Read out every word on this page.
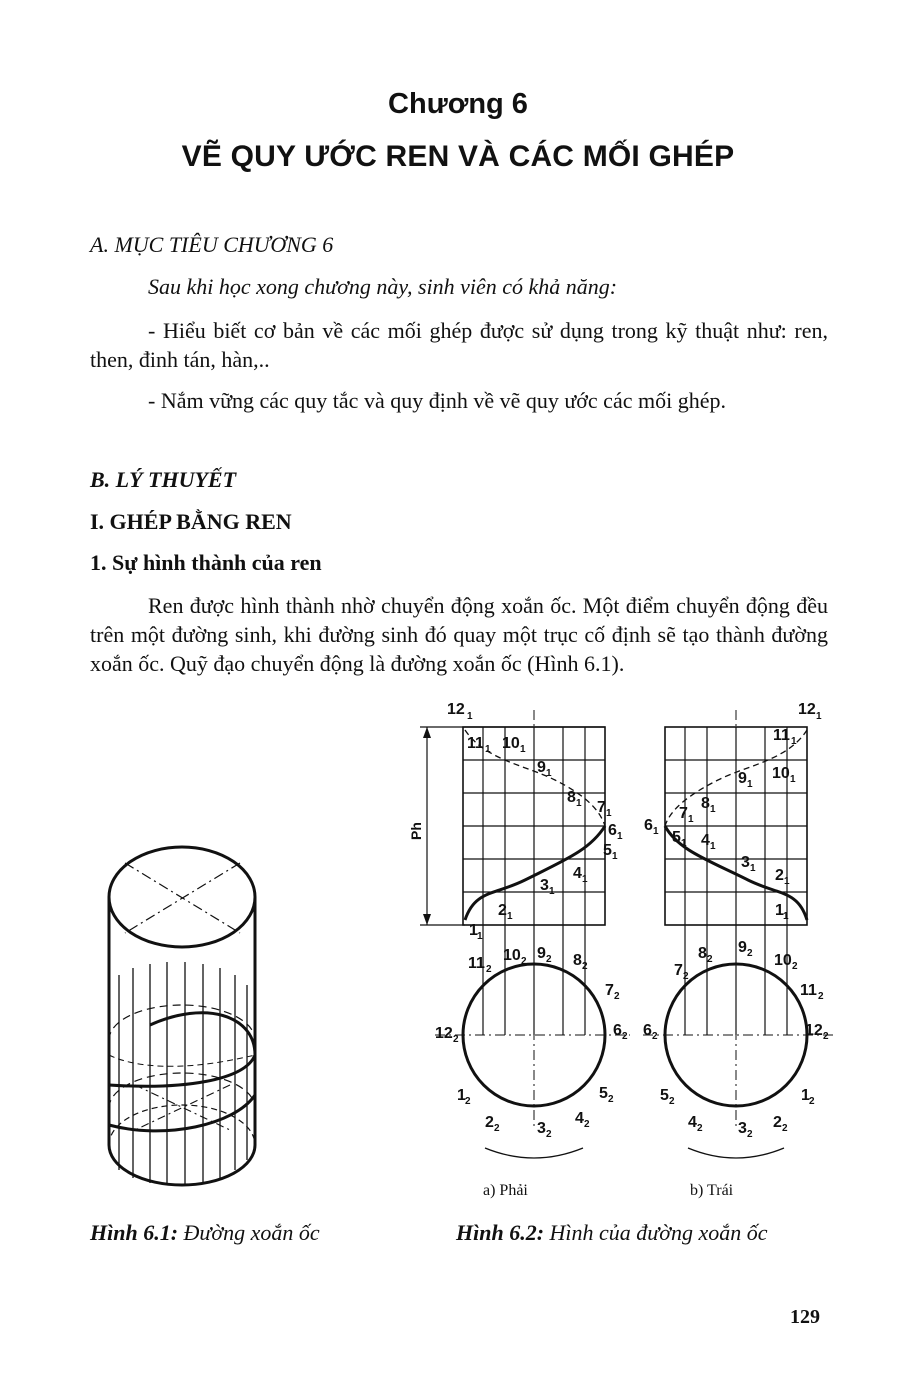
Chương 6
VẼ QUY ƯỚC REN VÀ CÁC MỐI GHÉP
A. MỤC TIÊU CHƯƠNG 6
Sau khi học xong chương này, sinh viên có khả năng:
- Hiểu biết cơ bản về các mối ghép được sử dụng trong kỹ thuật như: ren, then, đinh tán, hàn,..
- Nắm vững các quy tắc và quy định về vẽ quy ước các mối ghép.
B. LÝ THUYẾT
I. GHÉP BẰNG REN
1. Sự hình thành của ren
Ren được hình thành nhờ chuyển động xoắn ốc. Một điểm chuyển động đều trên một đường sinh, khi đường sinh đó quay một trục cố định sẽ tạo thành đường xoắn ốc. Quỹ đạo chuyển động là đường xoắn ốc (Hình 6.1).
Ph
12 1
11 1 10 1
9 1
8 1 7 1
6 1
5 1
4 1
3 1
2 1
1 1
11 2
10 2 9 2 8 2
7 2
6 2
12 2
1 2
2 2 3 2
4 2
5 2
a) Phải
12 1
11 1
10 1
9 1
8 1
7 1
6 1 5 1 4 1
3 1 2 1
1 1
7 2
8 2
9 2 10 2
11 2
6 2	12 2
5 2
4 2 3 2
2 2
1 2
b) Trái
Hình 6.1: Đường xoắn ốc	Hình 6.2: Hình của đường xoắn ốc
129
